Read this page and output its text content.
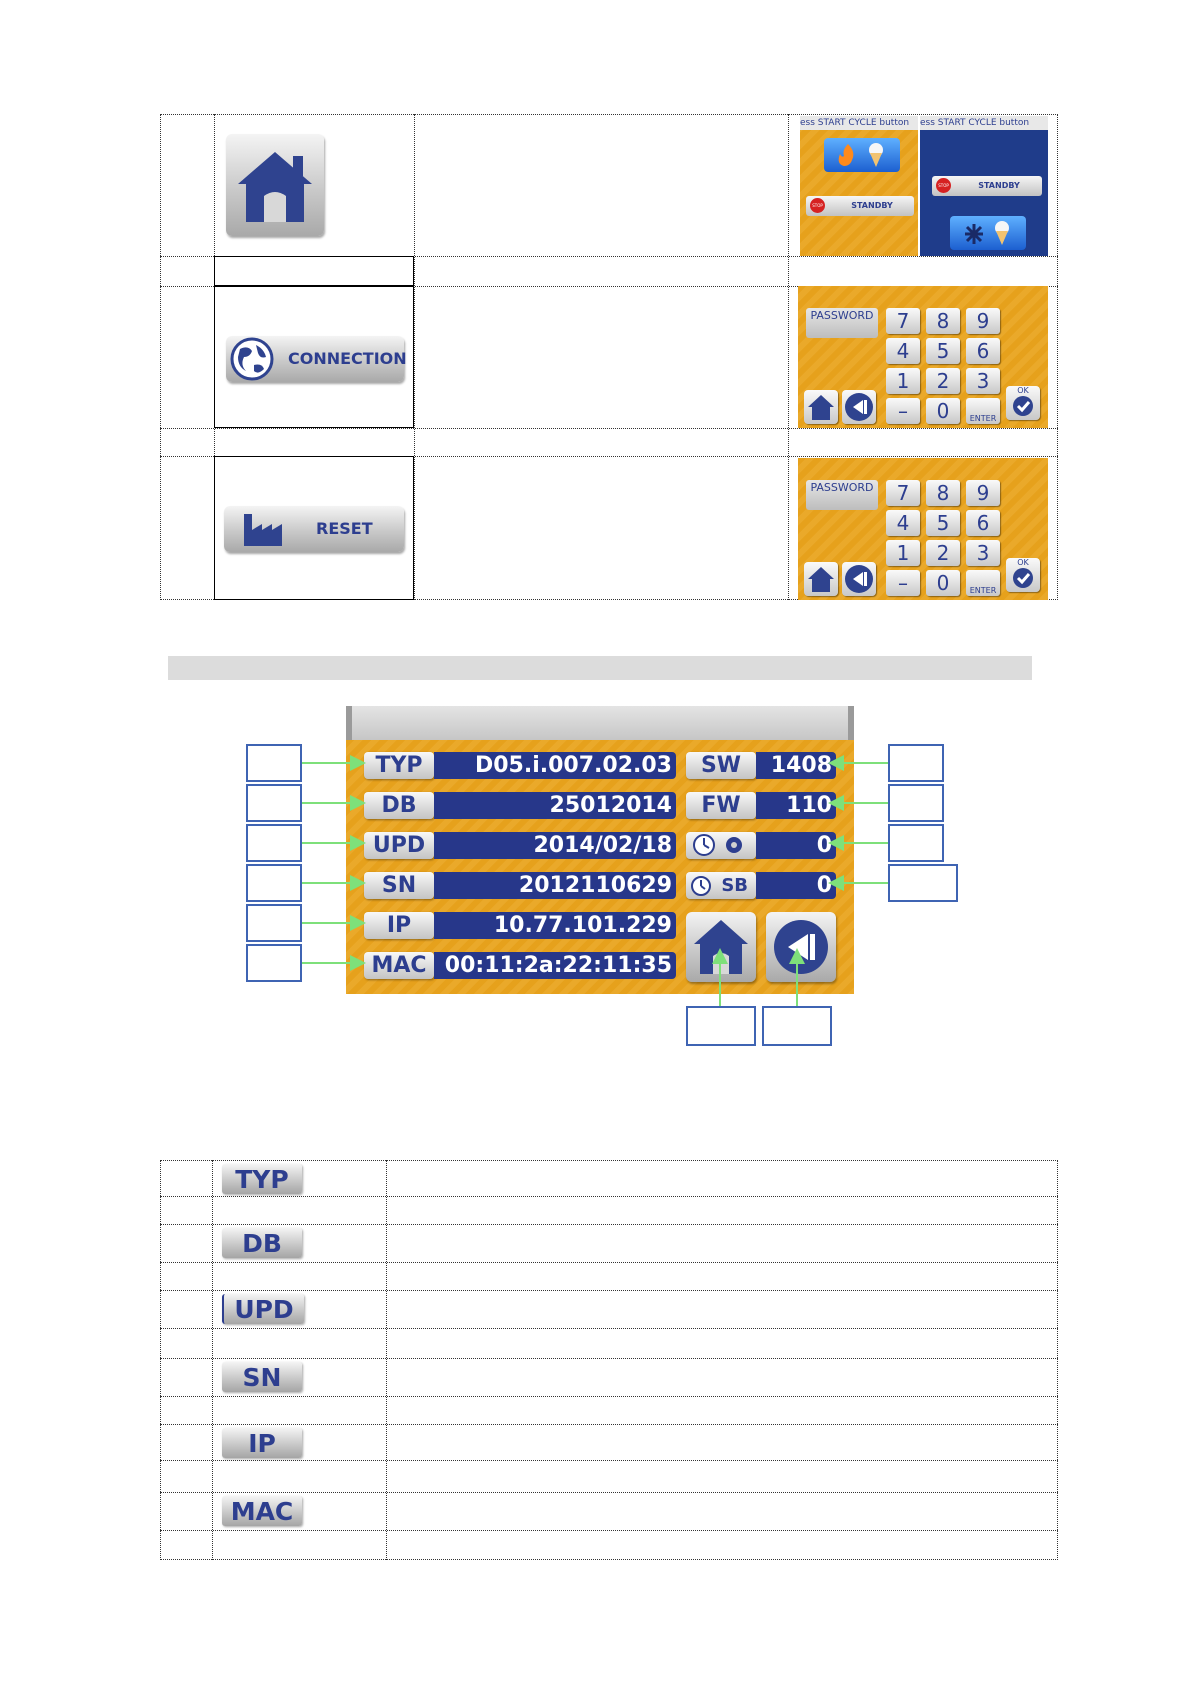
ess START CYCLE button
STOP	STANDBY
ess START CYCLE button
STOP	STANDBY
CONNECTION
PASSWORD	7	8	9
4	5	6
1	2	3
–	0	ENTER
OK
RESET
PASSWORD	7	8	9
4	5	6
1	2	3
–	0	ENTER
OK
TYP	D05.i.007.02.03
DB	25012014
UPD	2014/02/18
SN	2012110629
IP	10.77.101.229
MAC 00:11:2a:22:11:35
SW	1408
FW	110
0
SB	0
TYP
DB
UPD
SN
IP
MAC
